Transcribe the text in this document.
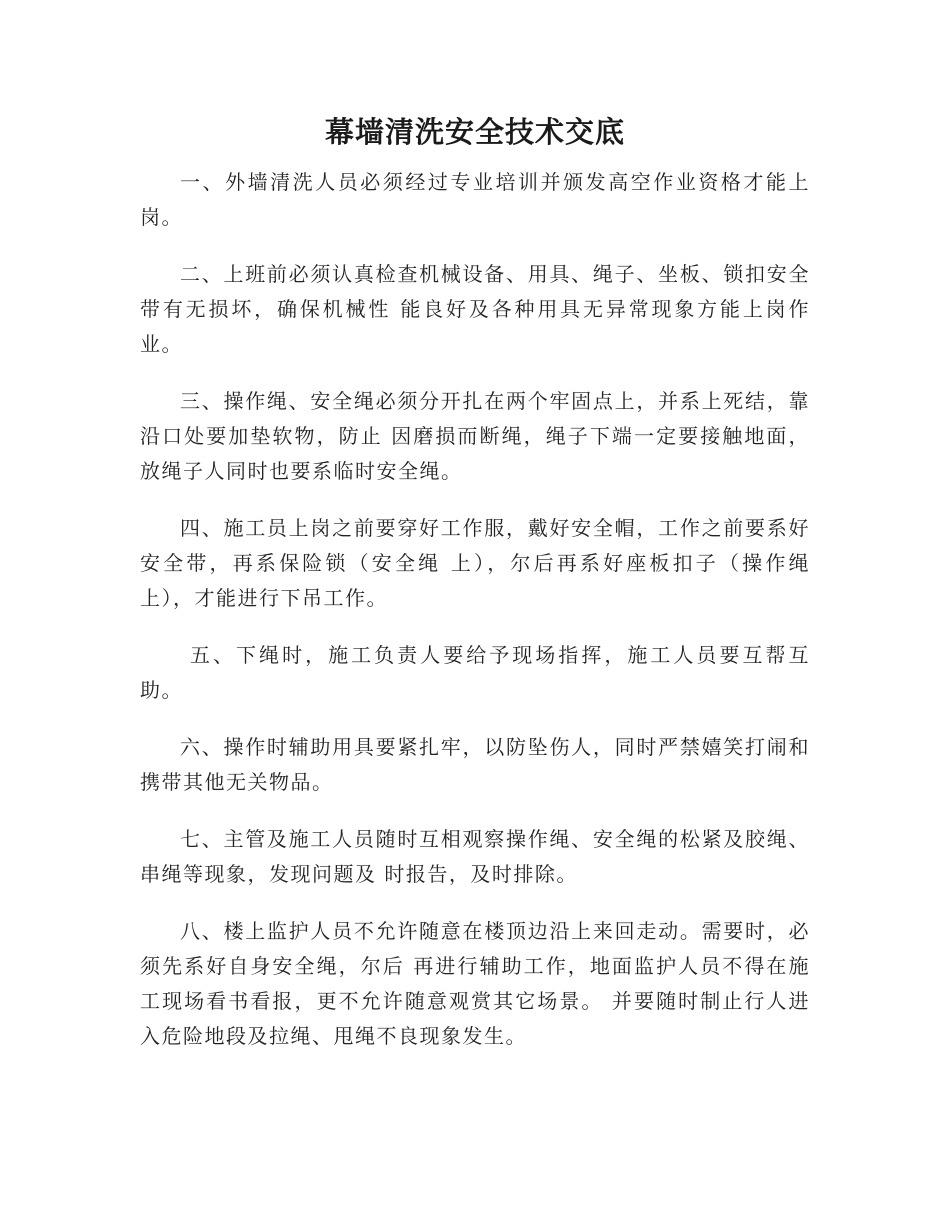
幕墙清洗安全技术交底

一、外墙清洗人员必须经过专业培训并颁发高空作业资格才能上岗。

二、上班前必须认真检查机械设备、用具、绳子、坐板、锁扣安全带有无损坏，确保机械性 能良好及各种用具无异常现象方能上岗作业。

三、操作绳、安全绳必须分开扎在两个牢固点上，并系上死结，靠沿口处要加垫软物，防止 因磨损而断绳，绳子下端一定要接触地面，放绳子人同时也要系临时安全绳。

四、施工员上岗之前要穿好工作服，戴好安全帽，工作之前要系好安全带，再系保险锁（安全绳 上），尔后再系好座板扣子（操作绳上），才能进行下吊工作。

五、下绳时，施工负责人要给予现场指挥，施工人员要互帮互助。

六、操作时辅助用具要紧扎牢，以防坠伤人，同时严禁嬉笑打闹和携带其他无关物品。

七、主管及施工人员随时互相观察操作绳、安全绳的松紧及胶绳、串绳等现象，发现问题及 时报告，及时排除。

八、楼上监护人员不允许随意在楼顶边沿上来回走动。需要时，必须先系好自身安全绳，尔后 再进行辅助工作，地面监护人员不得在施工现场看书看报，更不允许随意观赏其它场景。 并要随时制止行人进入危险地段及拉绳、甩绳不良现象发生。
